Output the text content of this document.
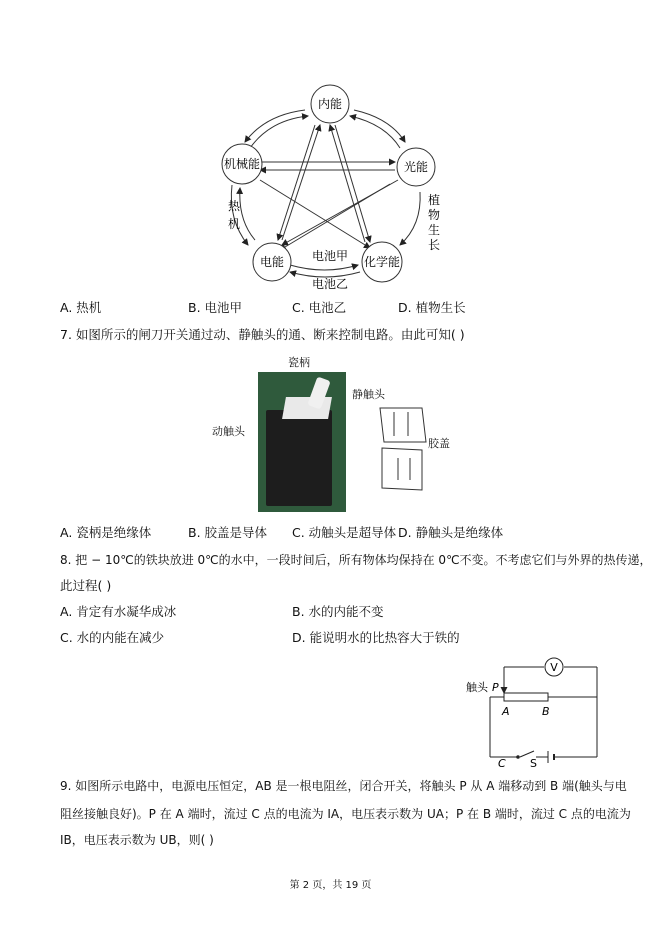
内能
机械能	光能
电能	化学能
热
机
电池甲
电池乙
植
物
生
长
A. 热机	B. 电池甲	C. 电池乙	D. 植物生长
7. 如图所示的闸刀开关通过动、静触头的通、断来控制电路。由此可知( )
瓷柄
静触头
动触头
胶盖
A. 瓷柄是绝缘体	B. 胶盖是导体 C. 动触头是超导体 D. 静触头是绝缘体
8. 把 − 10℃的铁块放进 0℃的水中，一段时间后，所有物体均保持在 0℃不变。不考虑它们与外界的热传递，
此过程( )
A. 肯定有水凝华成冰	B. 水的内能不变
C. 水的内能在减少	D. 能说明水的比热容大于铁的
V
触头 P
A	B
C S
9. 如图所示电路中，电源电压恒定，AB 是一根电阻丝，闭合开关，将触头 P 从 A 端移动到 B 端(触头与电
阻丝接触良好)。P 在 A 端时，流过 C 点的电流为 IA，电压表示数为 UA；P 在 B 端时，流过 C 点的电流为
IB，电压表示数为 UB，则( )
第 2 页，共 19 页
